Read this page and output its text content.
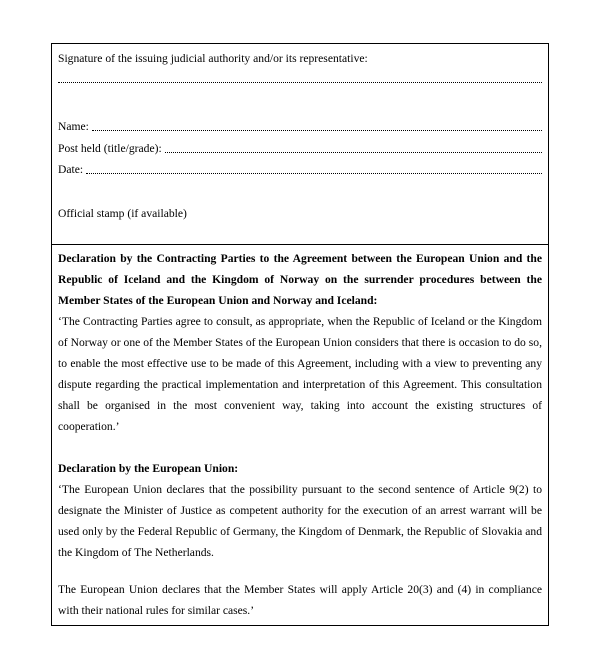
Signature of the issuing judicial authority and/or its representative:
Name:
Post held (title/grade):
Date:
Official stamp (if available)
Declaration by the Contracting Parties to the Agreement between the European Union and the Republic of Iceland and the Kingdom of Norway on the surrender procedures between the Member States of the European Union and Norway and Iceland:
‘The Contracting Parties agree to consult, as appropriate, when the Republic of Iceland or the Kingdom of Norway or one of the Member States of the European Union considers that there is occasion to do so, to enable the most effective use to be made of this Agreement, including with a view to preventing any dispute regarding the practical implementation and interpretation of this Agreement. This consultation shall be organised in the most convenient way, taking into account the existing structures of cooperation.’
Declaration by the European Union:
‘The European Union declares that the possibility pursuant to the second sentence of Article 9(2) to designate the Minister of Justice as competent authority for the execution of an arrest warrant will be used only by the Federal Republic of Germany, the Kingdom of Denmark, the Republic of Slovakia and the Kingdom of The Netherlands.
The European Union declares that the Member States will apply Article 20(3) and (4) in compliance with their national rules for similar cases.’
